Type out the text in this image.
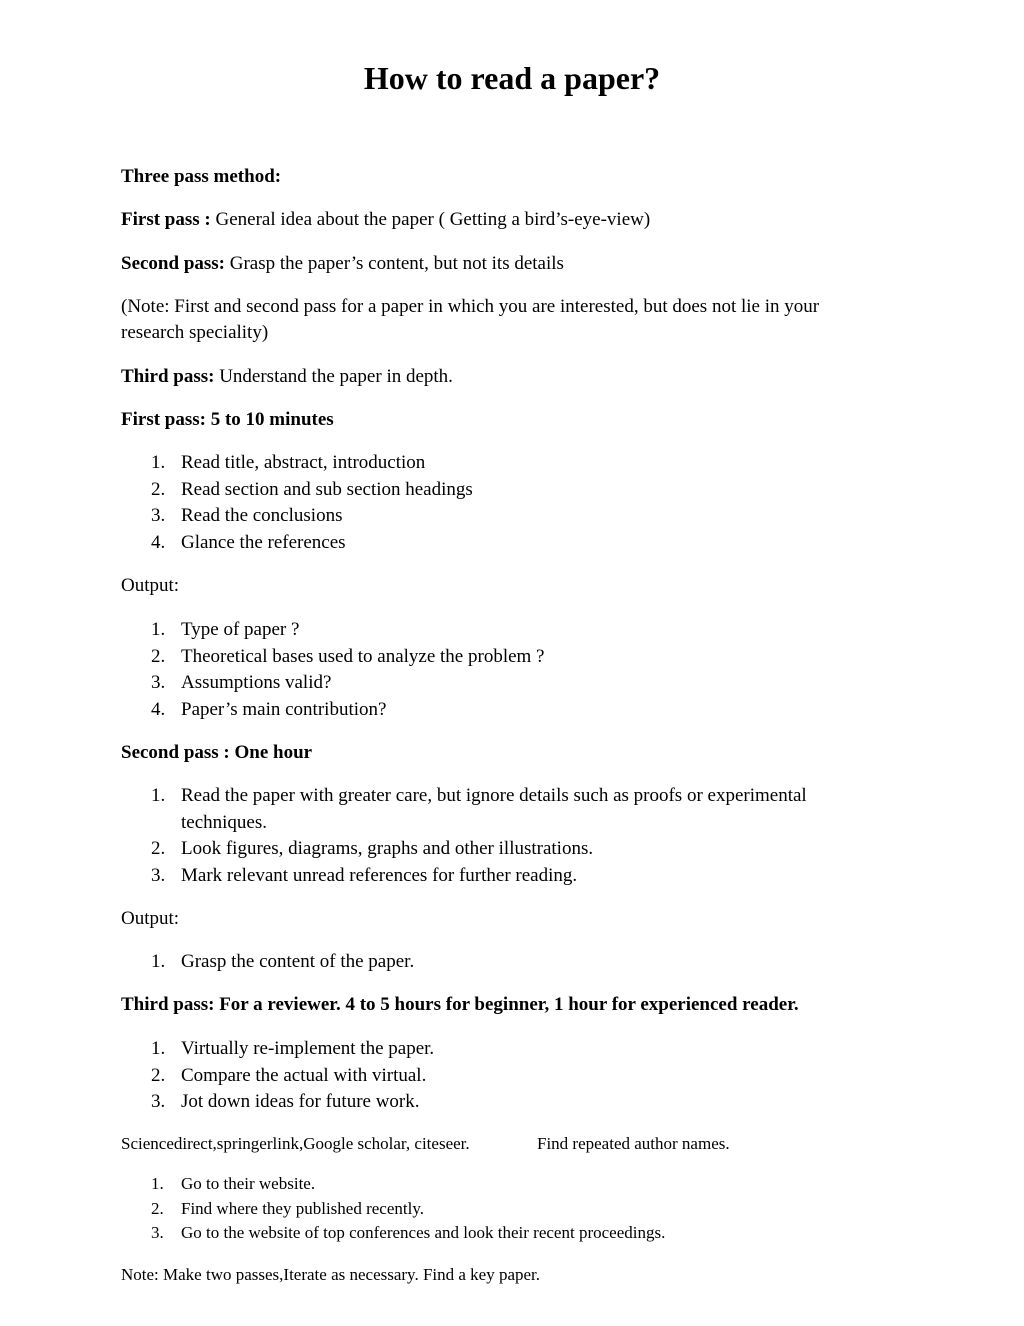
How to read a paper?

Three pass method:

First pass : General idea about the paper ( Getting a bird’s-eye-view)

Second pass: Grasp the paper’s content, but not its details

(Note: First and second pass for a paper in which you are interested, but does not lie in your
research speciality)

Third pass: Understand the paper in depth.

First pass: 5 to 10 minutes

1. Read title, abstract, introduction
2. Read section and sub section headings
3. Read the conclusions
4. Glance the references

Output:

1. Type of paper ?
2. Theoretical bases used to analyze the problem ?
3. Assumptions valid?
4. Paper’s main contribution?

Second pass : One hour

1. Read the paper with greater care, but ignore details such as proofs or experimental
techniques.
2. Look figures, diagrams, graphs and other illustrations.
3. Mark relevant unread references for further reading.

Output:

1. Grasp the content of the paper.

Third pass: For a reviewer. 4 to 5 hours for beginner, 1 hour for experienced reader.

1. Virtually re-implement the paper.
2. Compare the actual with virtual.
3. Jot down ideas for future work.

Sciencedirect,springerlink,Google scholar, citeseer.	Find repeated author names.

1. Go to their website.
2. Find where they published recently.
3. Go to the website of top conferences and look their recent proceedings.

Note: Make two passes,Iterate as necessary. Find a key paper.
